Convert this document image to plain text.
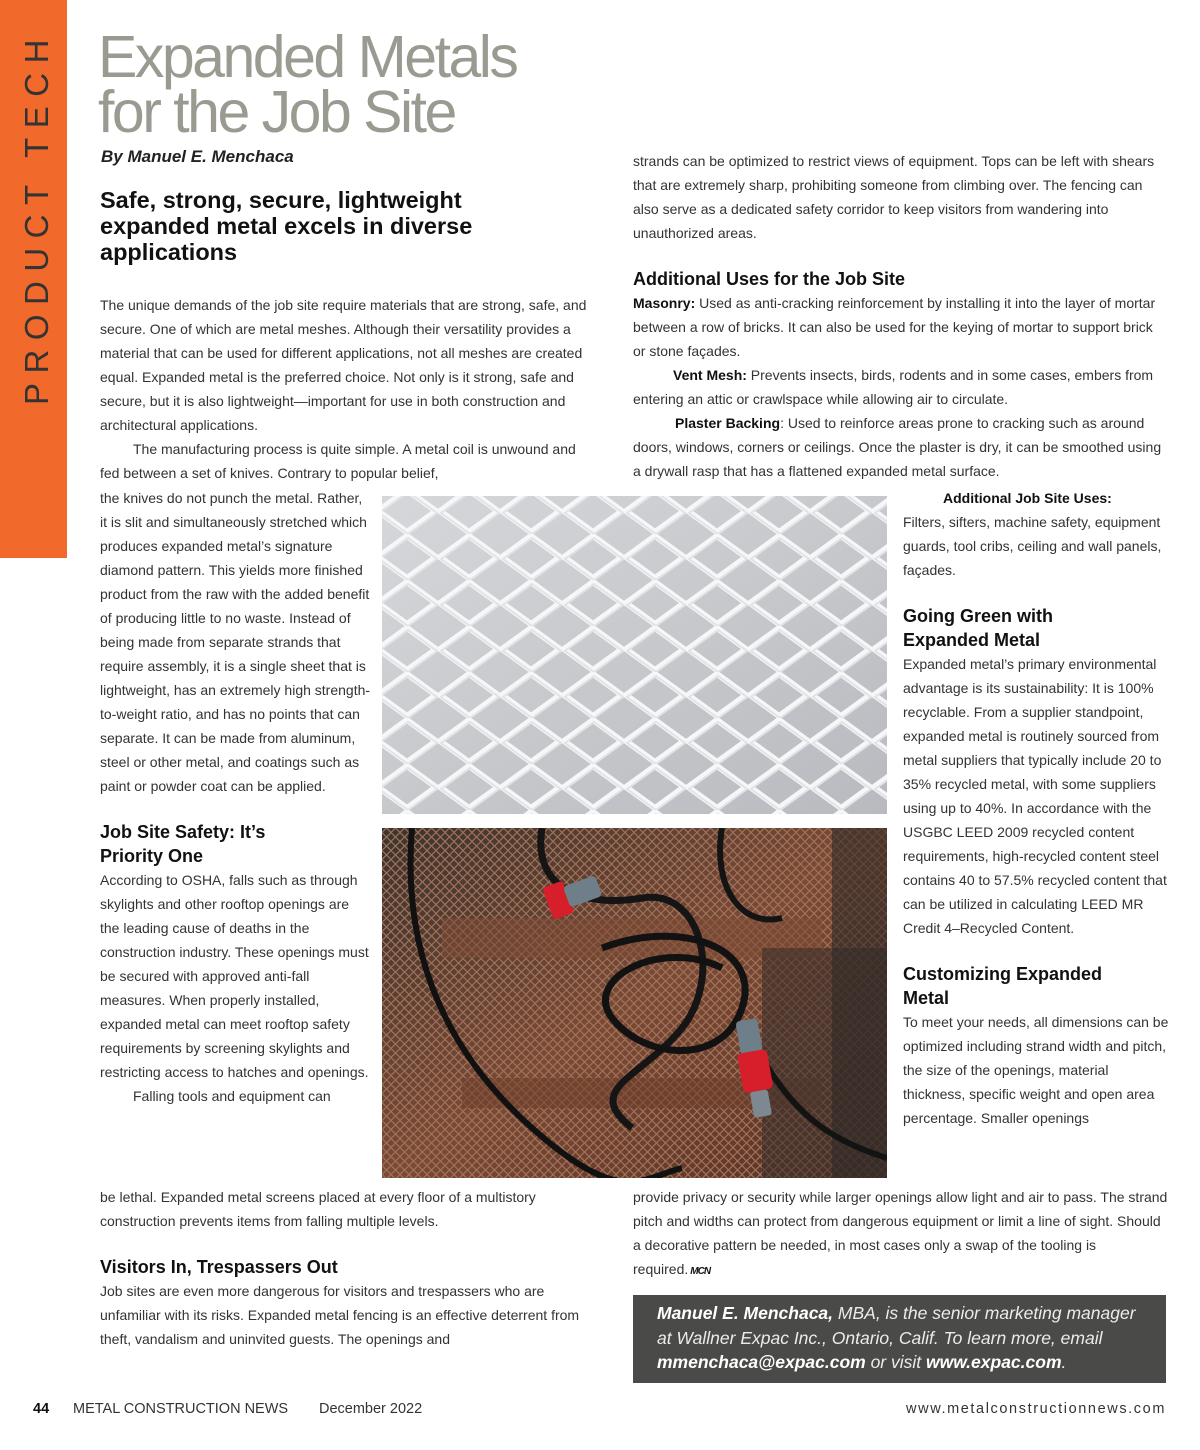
PRODUCT TECH Expanded Metals
for the Job Site
By Manuel E. Menchaca
Safe, strong, secure, lightweight expanded metal excels in diverse applications

The unique demands of the job site require materials that are strong, safe, and secure. One of which are metal meshes. Although their versatility provides a material that can be used for different applications, not all meshes are created equal. Expanded metal is the preferred choice. Not only is it strong, safe and secure, but it is also lightweight—important for use in both construction and architectural applications.

The manufacturing process is quite simple. A metal coil is unwound and fed between a set of knives. Contrary to popular belief,

the knives do not punch the metal. Rather, it is slit and simultaneously stretched which produces expanded metal’s signature diamond pattern. This yields more finished product from the raw with the added benefit of producing little to no waste. Instead of being made from separate strands that require assembly, it is a single sheet that is lightweight, has an extremely high strength-to-weight ratio, and has no points that can separate. It can be made from aluminum, steel or other metal, and coatings such as paint or powder coat can be applied.

Job Site Safety: It’s Priority One

According to OSHA, falls such as through skylights and other rooftop openings are the leading cause of deaths in the construction industry. These openings must be secured with approved anti-fall measures. When properly installed, expanded metal can meet rooftop safety requirements by screening skylights and restricting access to hatches and openings.

Falling tools and equipment can

be lethal. Expanded metal screens placed at every floor of a multistory construction prevents items from falling multiple levels.

Visitors In, Trespassers Out

Job sites are even more dangerous for visitors and trespassers who are unfamiliar with its risks. Expanded metal fencing is an effective deterrent from theft, vandalism and uninvited guests. The openings and

strands can be optimized to restrict views of equipment. Tops can be left with shears that are extremely sharp, prohibiting someone from climbing over. The fencing can also serve as a dedicated safety corridor to keep visitors from wandering into unauthorized areas.

Additional Uses for the Job Site

Masonry: Used as anti-cracking reinforcement by installing it into the layer of mortar between a row of bricks. It can also be used for the keying of mortar to support brick or stone façades.

Vent Mesh: Prevents insects, birds, rodents and in some cases, embers from entering an attic or crawlspace while allowing air to circulate.

Plaster Backing: Used to reinforce areas prone to cracking such as around doors, windows, corners or ceilings. Once the plaster is dry, it can be smoothed using a drywall rasp that has a flattened expanded metal surface.

Additional Job Site Uses:

Filters, sifters, machine safety, equipment guards, tool cribs, ceiling and wall panels, façades.

Going Green with Expanded Metal

Expanded metal’s primary environmental advantage is its sustainability: It is 100% recyclable. From a supplier standpoint, expanded metal is routinely sourced from metal suppliers that typically include 20 to 35% recycled metal, with some suppliers using up to 40%. In accordance with the USGBC LEED 2009 recycled content requirements, high-recycled content steel contains 40 to 57.5% recycled content that can be utilized in calculating LEED MR Credit 4–Recycled Content.

Customizing Expanded Metal

To meet your needs, all dimensions can be optimized including strand width and pitch, the size of the openings, material thickness, specific weight and open area percentage. Smaller openings

provide privacy or security while larger openings allow light and air to pass. The strand pitch and widths can protect from dangerous equipment or limit a line of sight. Should a decorative pattern be needed, in most cases only a swap of the tooling is required. MCN

Manuel E. Menchaca, MBA, is the senior marketing manager at Wallner Expac Inc., Ontario, Calif. To learn more, email mmenchaca@expac.com or visit www.expac.com.
44 METAL CONSTRUCTION NEWS December 2022	www.metalconstructionnews.com
